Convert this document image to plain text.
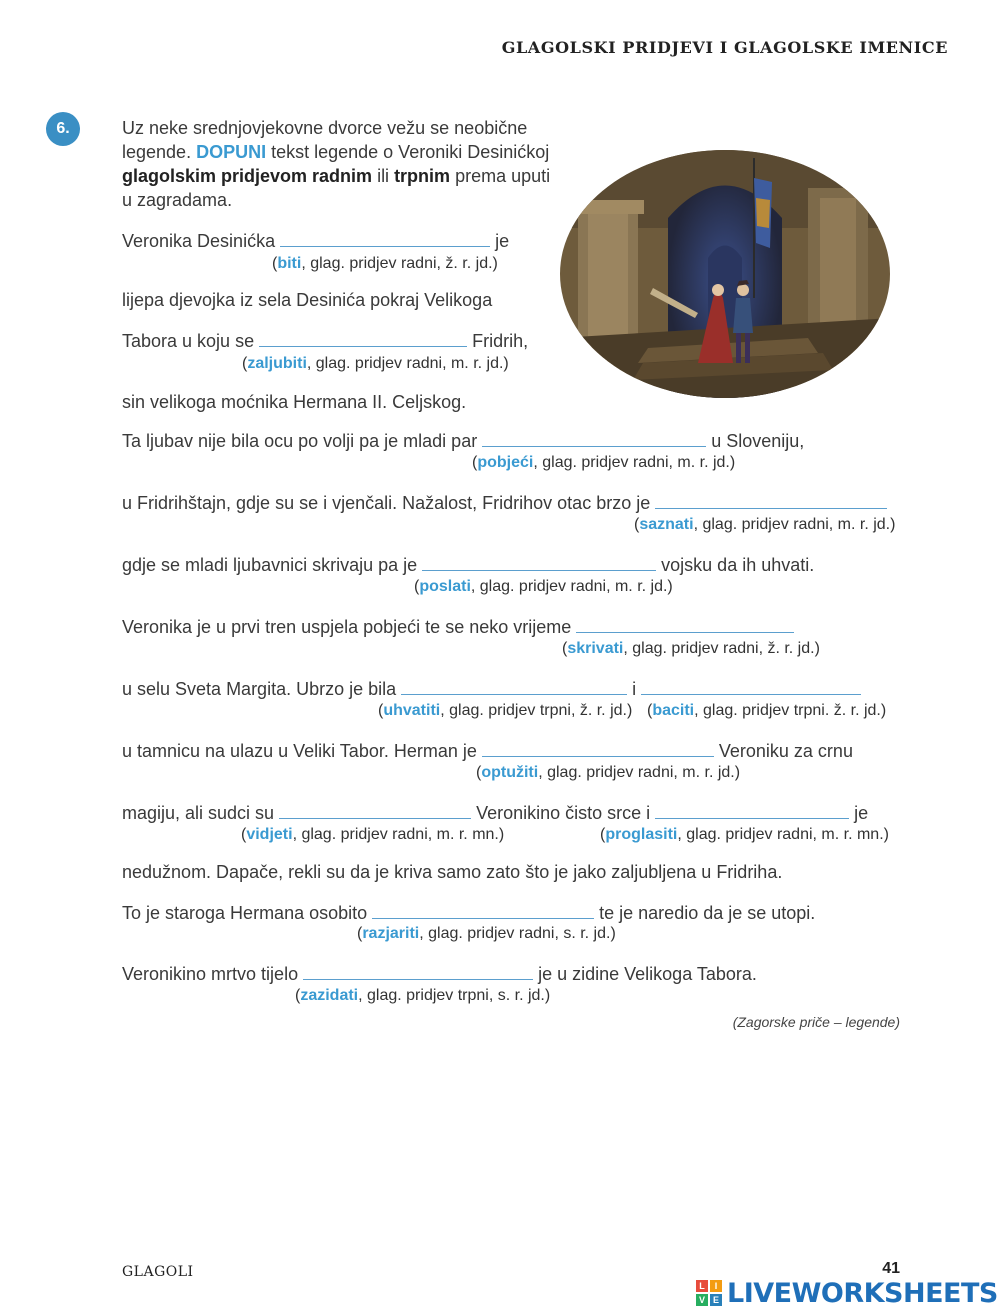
GLAGOLSKI PRIDJEVI I GLAGOLSKE IMENICE
6.	Uz neke srednjovjekovne dvorce vežu se neobične legende. DOPUNI tekst legende o Veroniki Desinićkoj glagolskim pridjevom radnim ili trpnim prema uputi u zagradama.
Veronika Desinićka	je
(biti, glag. pridjev radni, ž. r. jd.)
lijepa djevojka iz sela Desinića pokraj Velikoga
Tabora u koju se	Fridrih,
(zaljubiti, glag. pridjev radni, m. r. jd.)
sin velikoga moćnika Hermana II. Celjskog.
Ta ljubav nije bila ocu po volji pa je mladi par	u Sloveniju,
(pobjeći, glag. pridjev radni, m. r. jd.)
u Fridrihštajn, gdje su se i vjenčali. Nažalost, Fridrihov otac brzo je
(saznati, glag. pridjev radni, m. r. jd.)
gdje se mladi ljubavnici skrivaju pa je	vojsku da ih uhvati.
(poslati, glag. pridjev radni, m. r. jd.)
Veronika je u prvi tren uspjela pobjeći te se neko vrijeme
(skrivati, glag. pridjev radni, ž. r. jd.)
u selu Sveta Margita. Ubrzo je bila	i
(uhvatiti, glag. pridjev trpni, ž. r. jd.) (baciti, glag. pridjev trpni. ž. r. jd.)
u tamnicu na ulazu u Veliki Tabor. Herman je	Veroniku za crnu
(optužiti, glag. pridjev radni, m. r. jd.)
magiju, ali sudci su	Veronikino čisto srce i	je
(vidjeti, glag. pridjev radni, m. r. mn.)	(proglasiti, glag. pridjev radni, m. r. mn.)
nedužnom. Dapače, rekli su da je kriva samo zato što je jako zaljubljena u Fridriha.
To je staroga Hermana osobito	te je naredio da je se utopi.
(razjariti, glag. pridjev radni, s. r. jd.)
Veronikino mrtvo tijelo	je u zidine Velikoga Tabora.
(zazidati, glag. pridjev trpni, s. r. jd.)
(Zagorske priče – legende)
GLAGOLI	41
L	I
V E LIVEWORKSHEETS
